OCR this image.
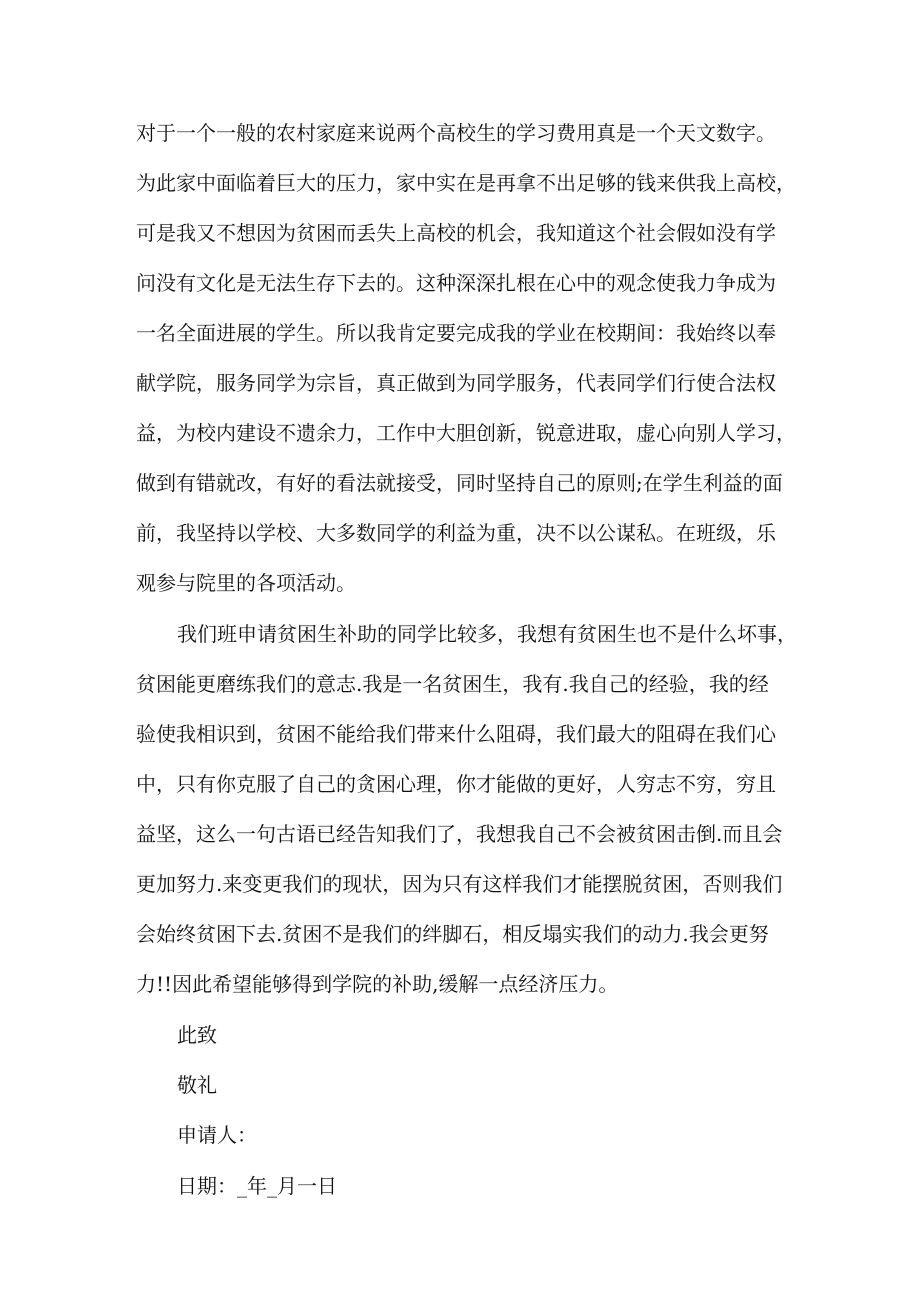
对于一个一般的农村家庭来说两个高校生的学习费用真是一个天文数字。
为此家中面临着巨大的压力，家中实在是再拿不出足够的钱来供我上高校，
可是我又不想因为贫困而丢失上高校的机会，我知道这个社会假如没有学
问没有文化是无法生存下去的。这种深深扎根在心中的观念使我力争成为
一名全面进展的学生。所以我肯定要完成我的学业在校期间：我始终以奉
献学院，服务同学为宗旨，真正做到为同学服务，代表同学们行使合法权
益，为校内建设不遗余力，工作中大胆创新，锐意进取，虚心向别人学习，
做到有错就改，有好的看法就接受，同时坚持自己的原则;在学生利益的面
前，我坚持以学校、大多数同学的利益为重，决不以公谋私。在班级，乐
观参与院里的各项活动。
我们班申请贫困生补助的同学比较多，我想有贫困生也不是什么坏事，
贫困能更磨练我们的意志.我是一名贫困生，我有.我自己的经验，我的经
验使我相识到，贫困不能给我们带来什么阻碍，我们最大的阻碍在我们心
中，只有你克服了自己的贪困心理，你才能做的更好，人穷志不穷，穷且
益坚，这么一句古语已经告知我们了，我想我自己不会被贫困击倒.而且会
更加努力.来变更我们的现状，因为只有这样我们才能摆脱贫困，否则我们
会始终贫困下去.贫困不是我们的绊脚石，相反塌实我们的动力.我会更努
力!!因此希望能够得到学院的补助,缓解一点经济压力。
此致
敬礼
申请人：
日期：_年_月一日
